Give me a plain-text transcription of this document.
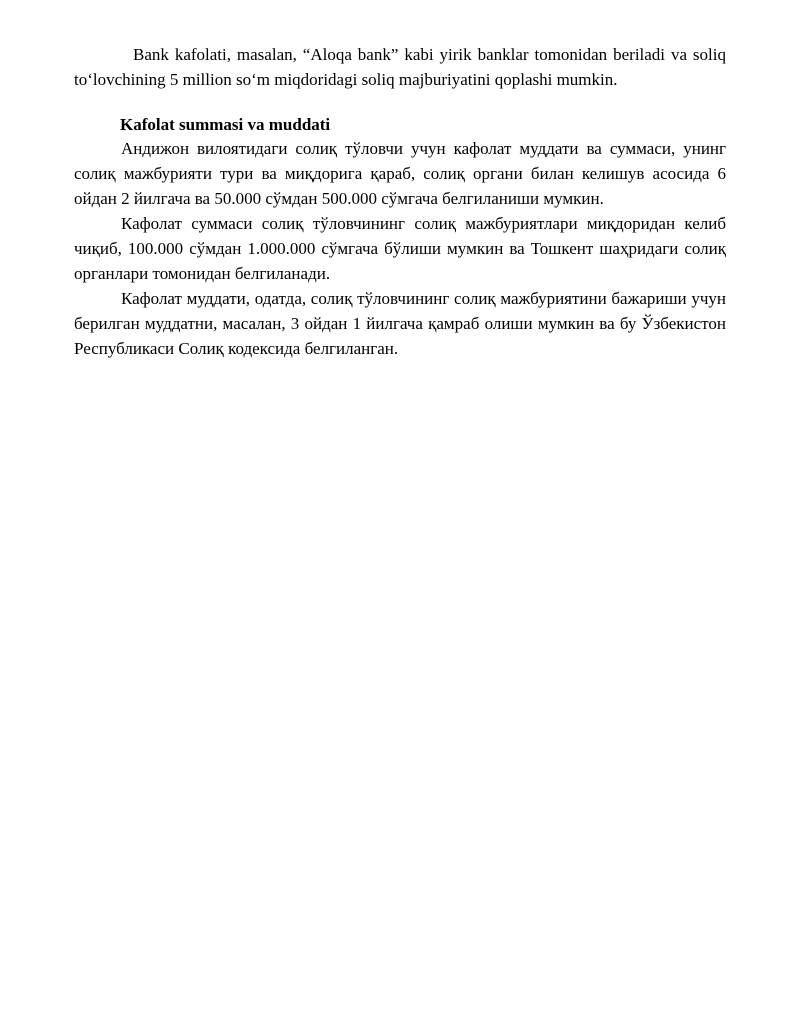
Bank kafolati, masalan, “Aloqa bank” kabi yirik banklar tomonidan beriladi va soliq to‘lovchining 5 million so‘m miqdoridagi soliq majburiyatini qoplashi mumkin.

Kafolat summasi va muddati

Андижон вилоятидаги солиқ тўловчи учун кафолат муддати ва суммаси, унинг солиқ мажбурияти тури ва миқдорига қараб, солиқ органи билан келишув асосида 6 ойдан 2 йилгача ва 50.000 сўмдан 500.000 сўмгача белгиланиши мумкин.

Кафолат суммаси солиқ тўловчининг солиқ мажбуриятлари миқдоридан келиб чиқиб, 100.000 сўмдан 1.000.000 сўмгача бўлиши мумкин ва Тошкент шаҳридаги солиқ органлари томонидан белгиланади.

Кафолат муддати, одатда, солиқ тўловчининг солиқ мажбуриятини бажариши учун берилган муддатни, масалан, 3 ойдан 1 йилгача қамраб олиши мумкин ва бу Ўзбекистон Республикаси Солиқ кодексида белгиланган.
